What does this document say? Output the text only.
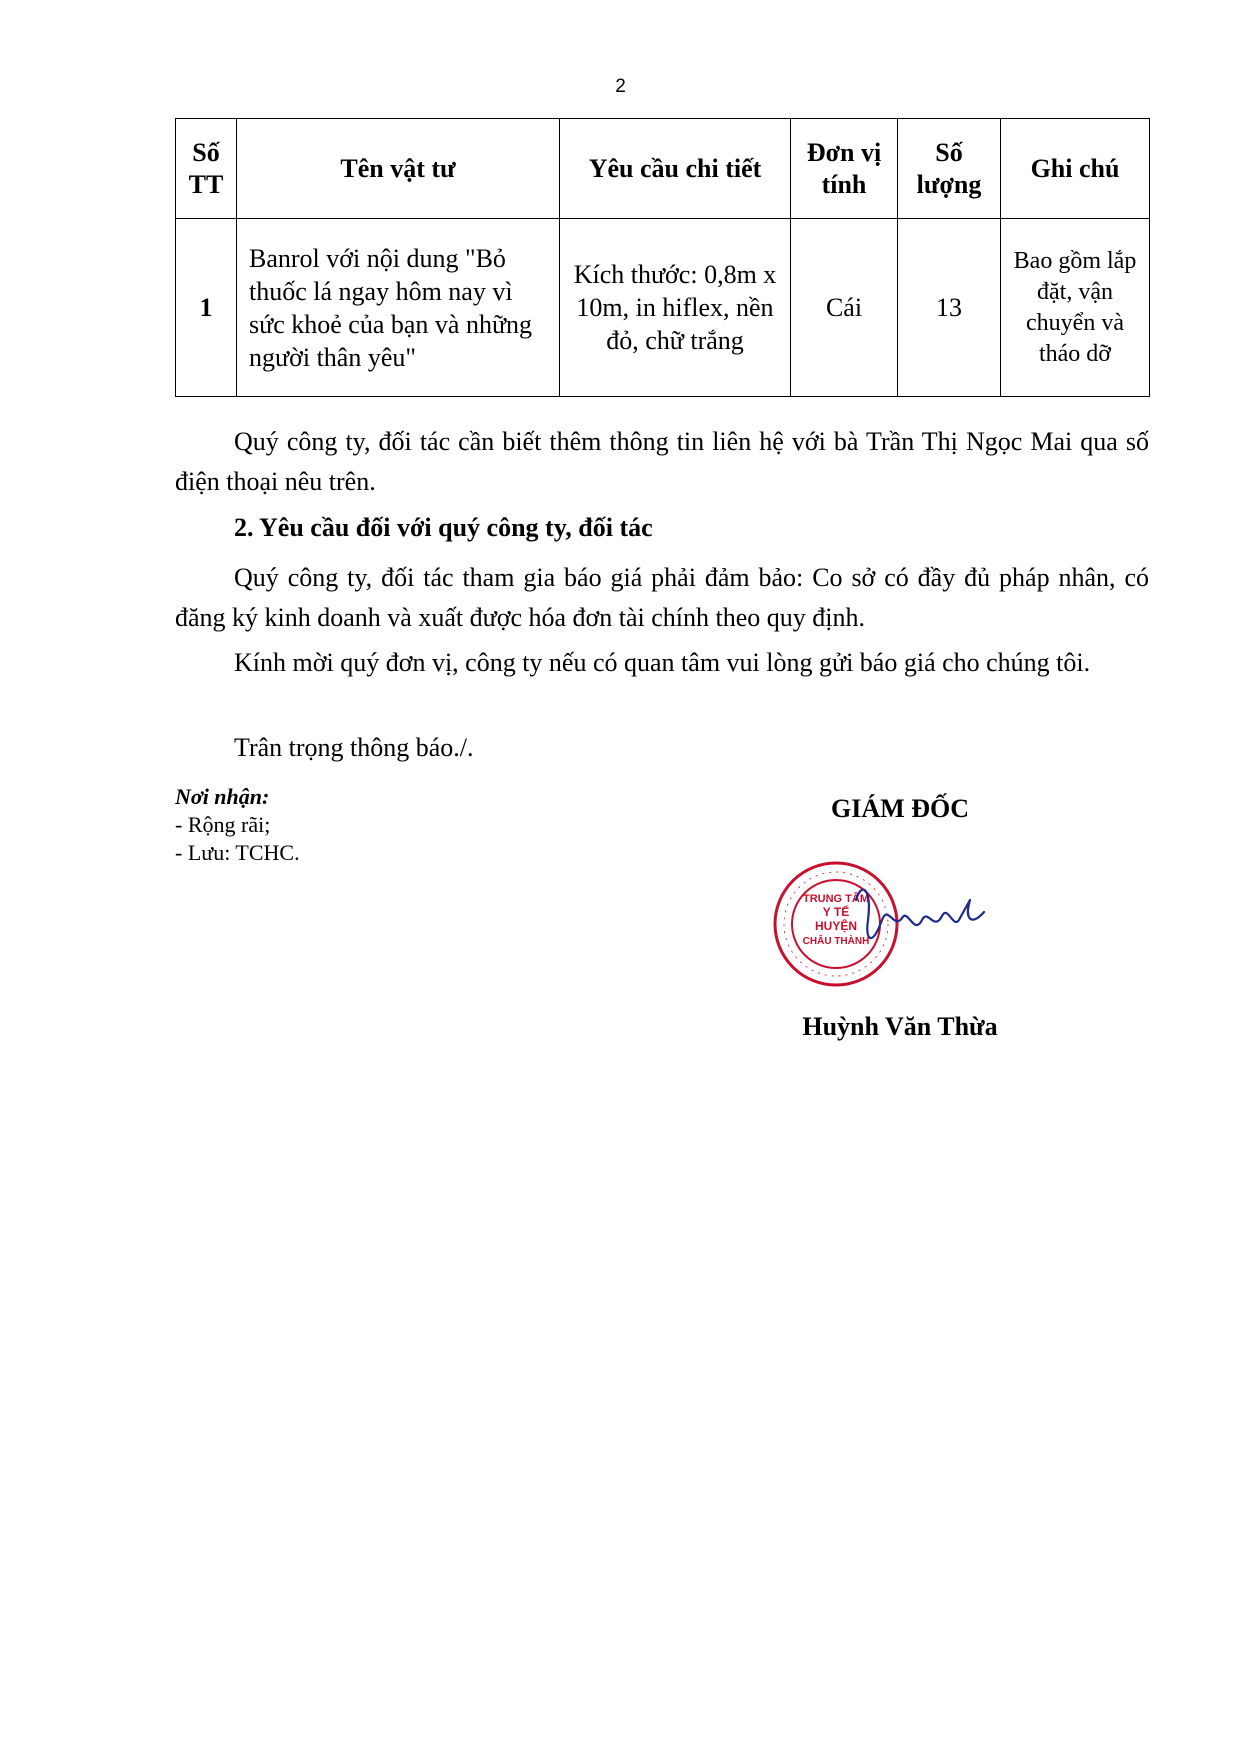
2
Số TT	Tên vật tư	Yêu cầu chi tiết	Đơn vị tính	Số lượng	Ghi chú
1	Banrol với nội dung "Bỏ thuốc lá ngay hôm nay vì sức khoẻ của bạn và những người thân yêu"	Kích thước: 0,8m x 10m, in hiflex, nền đỏ, chữ trắng	Cái	13	Bao gồm lắp đặt, vận chuyển và tháo dỡ
Quý công ty, đối tác cần biết thêm thông tin liên hệ với bà Trần Thị Ngọc Mai qua số điện thoại nêu trên.
2. Yêu cầu đối với quý công ty, đối tác
Quý công ty, đối tác tham gia báo giá phải đảm bảo: Co sở có đầy đủ pháp nhân, có đăng ký kinh doanh và xuất được hóa đơn tài chính theo quy định.
Kính mời quý đơn vị, công ty nếu có quan tâm vui lòng gửi báo giá cho chúng tôi.
Trân trọng thông báo./.
Nơi nhận:
- Rộng rãi;
- Lưu: TCHC.
GIÁM ĐỐC
TRUNG TÂM
Y TẾ
HUYỆN
CHÂU THÀNH
Huỳnh Văn Thừa
